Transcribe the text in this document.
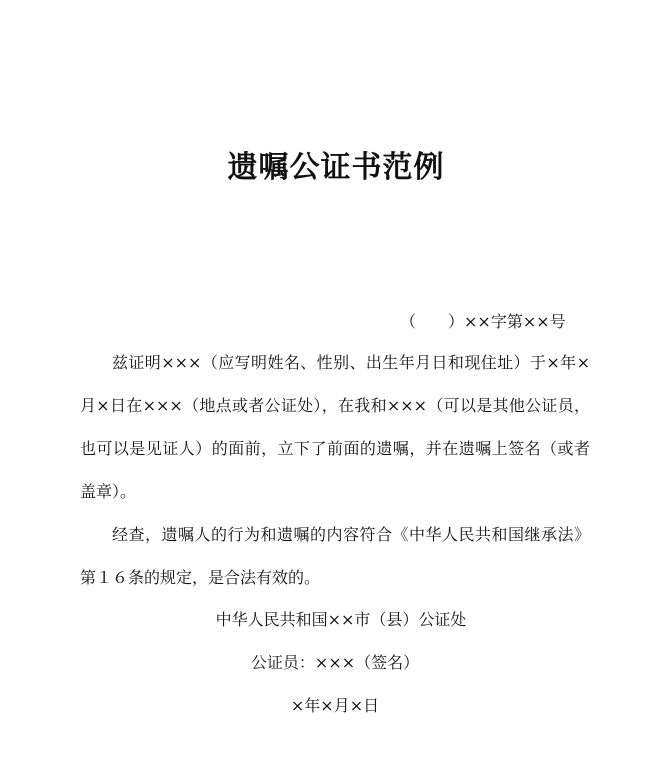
遗嘱公证书范例
（　　）××字第××号

兹证明×××（应写明姓名、性别、出生年月日和现住址）于×年×月×日在×××（地点或者公证处），在我和×××（可以是其他公证员，也可以是见证人）的面前，立下了前面的遗嘱，并在遗嘱上签名（或者盖章）。

经查，遗嘱人的行为和遗嘱的内容符合《中华人民共和国继承法》第１６条的规定，是合法有效的。

中华人民共和国××市（县）公证处
公证员：×××（签名）
×年×月×日
